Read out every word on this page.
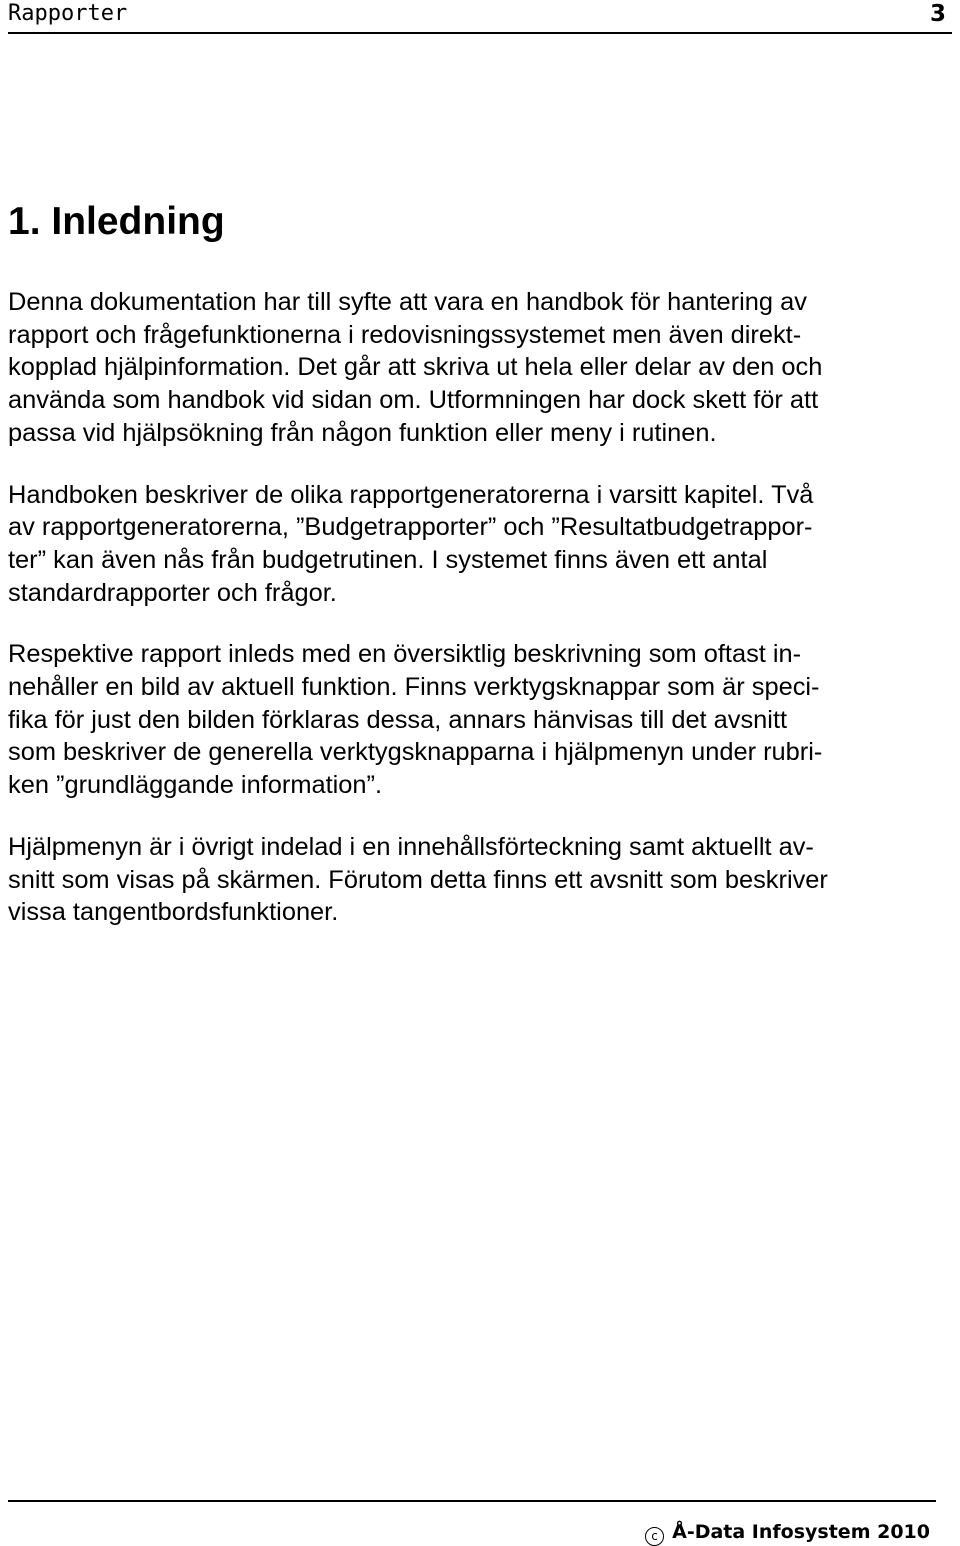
Rapporter	3
1. Inledning

Denna dokumentation har till syfte att vara en handbok för hantering av
rapport och frågefunktionerna i redovisningssystemet men även direkt-
kopplad hjälpinformation. Det går att skriva ut hela eller delar av den och
använda som handbok vid sidan om. Utformningen har dock skett för att
passa vid hjälpsökning från någon funktion eller meny i rutinen.

Handboken beskriver de olika rapportgeneratorerna i varsitt kapitel. Två
av rapportgeneratorerna, ”Budgetrapporter” och ”Resultatbudgetrappor-
ter” kan även nås från budgetrutinen. I systemet finns även ett antal
standardrapporter och frågor.

Respektive rapport inleds med en översiktlig beskrivning som oftast in-
nehåller en bild av aktuell funktion. Finns verktygsknappar som är speci-
fika för just den bilden förklaras dessa, annars hänvisas till det avsnitt
som beskriver de generella verktygsknapparna i hjälpmenyn under rubri-
ken ”grundläggande information”.

Hjälpmenyn är i övrigt indelad i en innehållsförteckning samt aktuellt av-
snitt som visas på skärmen. Förutom detta finns ett avsnitt som beskriver
vissa tangentbordsfunktioner.

c Å-Data Infosystem 2010
